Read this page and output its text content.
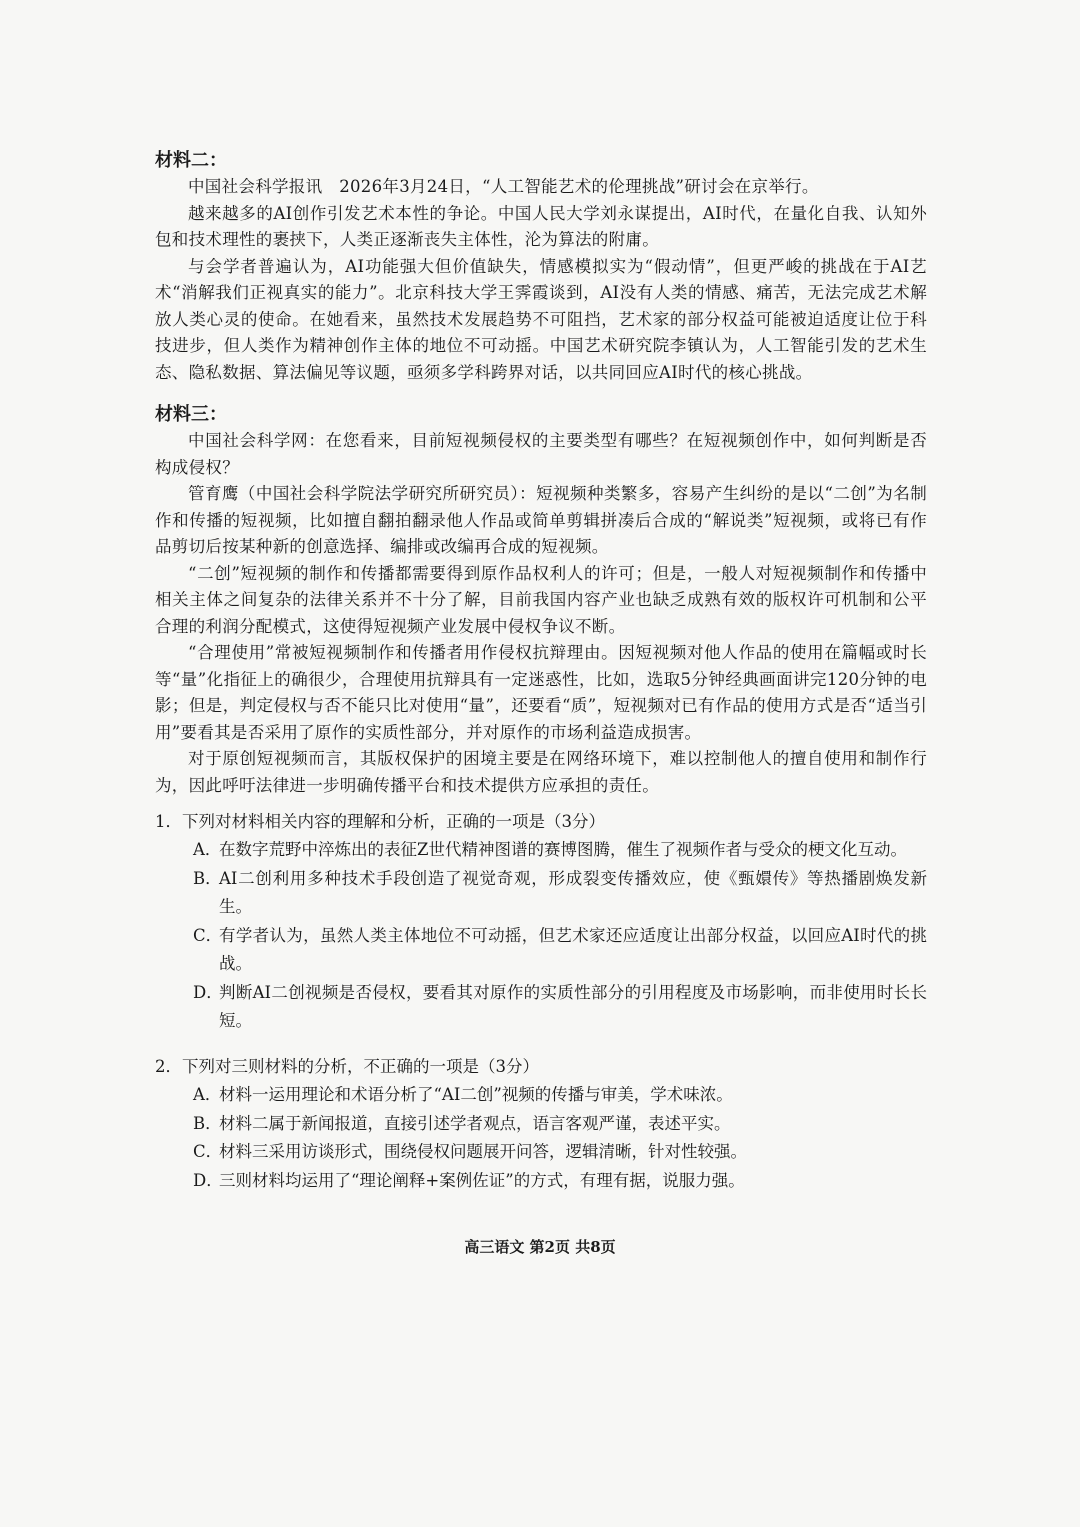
材料二：

中国社会科学报讯　2026年3月24日，“人工智能艺术的伦理挑战”研讨会在京举行。

越来越多的AI创作引发艺术本性的争论。中国人民大学刘永谋提出，AI时代，在量化自我、认知外包和技术理性的裹挟下，人类正逐渐丧失主体性，沦为算法的附庸。

与会学者普遍认为，AI功能强大但价值缺失，情感模拟实为“假动情”，但更严峻的挑战在于AI艺术“消解我们正视真实的能力”。北京科技大学王霁霞谈到，AI没有人类的情感、痛苦，无法完成艺术解放人类心灵的使命。在她看来，虽然技术发展趋势不可阻挡，艺术家的部分权益可能被迫适度让位于科技进步，但人类作为精神创作主体的地位不可动摇。中国艺术研究院李镇认为，人工智能引发的艺术生态、隐私数据、算法偏见等议题，亟须多学科跨界对话，以共同回应AI时代的核心挑战。

材料三：

中国社会科学网：在您看来，目前短视频侵权的主要类型有哪些？在短视频创作中，如何判断是否构成侵权？

管育鹰（中国社会科学院法学研究所研究员）：短视频种类繁多，容易产生纠纷的是以“二创”为名制作和传播的短视频，比如擅自翻拍翻录他人作品或简单剪辑拼凑后合成的“解说类”短视频，或将已有作品剪切后按某种新的创意选择、编排或改编再合成的短视频。

“二创”短视频的制作和传播都需要得到原作品权利人的许可；但是，一般人对短视频制作和传播中相关主体之间复杂的法律关系并不十分了解，目前我国内容产业也缺乏成熟有效的版权许可机制和公平合理的利润分配模式，这使得短视频产业发展中侵权争议不断。

“合理使用”常被短视频制作和传播者用作侵权抗辩理由。因短视频对他人作品的使用在篇幅或时长等“量”化指征上的确很少，合理使用抗辩具有一定迷惑性，比如，选取5分钟经典画面讲完120分钟的电影；但是，判定侵权与否不能只比对使用“量”，还要看“质”，短视频对已有作品的使用方式是否“适当引用”要看其是否采用了原作的实质性部分，并对原作的市场利益造成损害。

对于原创短视频而言，其版权保护的困境主要是在网络环境下，难以控制他人的擅自使用和制作行为，因此呼吁法律进一步明确传播平台和技术提供方应承担的责任。

1．下列对材料相关内容的理解和分析，正确的一项是（3分）

A．
在数字荒野中淬炼出的表征Z世代精神图谱的赛博图腾，催生了视频作者与受众的梗文化互动。
B．
AI二创利用多种技术手段创造了视觉奇观，形成裂变传播效应，使《甄嬛传》等热播剧焕发新生。
C．
有学者认为，虽然人类主体地位不可动摇，但艺术家还应适度让出部分权益，以回应AI时代的挑战。
D．
判断AI二创视频是否侵权，要看其对原作的实质性部分的引用程度及市场影响，而非使用时长长短。

2．下列对三则材料的分析，不正确的一项是（3分）

A．
材料一运用理论和术语分析了“AI二创”视频的传播与审美，学术味浓。
B．
材料二属于新闻报道，直接引述学者观点，语言客观严谨，表述平实。
C．
材料三采用访谈形式，围绕侵权问题展开问答，逻辑清晰，针对性较强。
D．
三则材料均运用了“理论阐释+案例佐证”的方式，有理有据，说服力强。
高三语文 第2页 共8页
